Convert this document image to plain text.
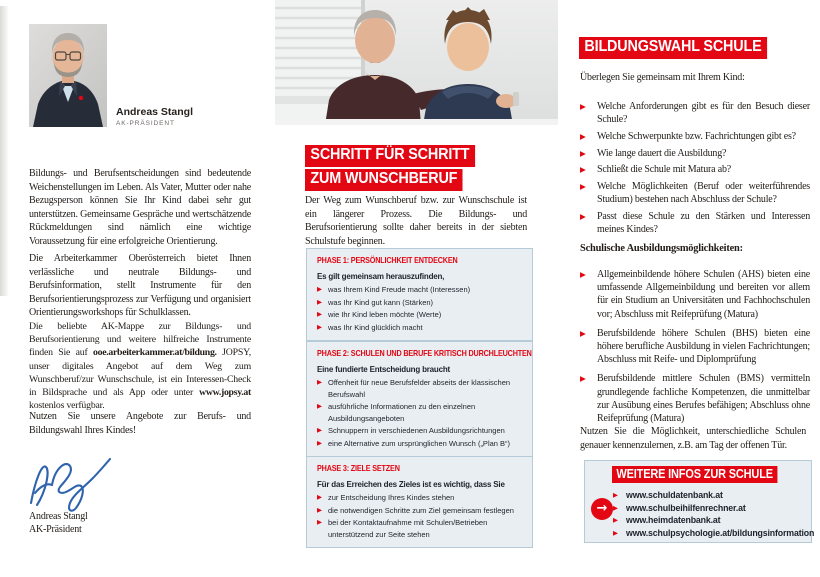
Andreas Stangl
AK-PRÄSIDENT

Bildungs- und Berufsentscheidungen sind bedeutende Weichenstellungen im Leben. Als Vater, Mutter oder nahe Bezugsperson können Sie Ihr Kind dabei sehr gut unterstützen. Gemeinsame Gespräche und wertschätzende Rückmeldungen sind nämlich eine wichtige Voraussetzung für eine erfolgreiche Orientierung.

Die Arbeiterkammer Oberösterreich bietet Ihnen verlässliche und neutrale Bildungs- und Berufsinformation, stellt Instrumente für den Berufsorientierungsprozess zur Verfügung und organisiert Orientierungsworkshops für Schulklassen.

Die beliebte AK-Mappe zur Bildungs- und Berufsorientierung und weitere hilfreiche Instrumente finden Sie auf ooe.arbeiterkammer.at/bildung. JOPSY, unser digitales Angebot auf dem Weg zum Wunschberuf/zur Wunschschule, ist ein Interessen-Check in Bildsprache und als App oder unter www.jopsy.at kostenlos verfügbar.

Nutzen Sie unsere Angebote zur Berufs- und Bildungswahl Ihres Kindes!

Andreas Stangl
AK-Präsident
SCHRITT FÜR SCHRITT
ZUM WUNSCHBERUF

Der Weg zum Wunschberuf bzw. zur Wunschschule ist ein längerer Prozess. Die Bildungs- und Berufsorientierung sollte daher bereits in der siebten Schulstufe beginnen.

PHASE 1: PERSÖNLICHKEIT ENTDECKEN
Es gilt gemeinsam herauszufinden,
▶ was Ihrem Kind Freude macht (Interessen)
▶ was Ihr Kind gut kann (Stärken)
▶ wie Ihr Kind leben möchte (Werte)
▶ was Ihr Kind glücklich macht
PHASE 2: SCHULEN UND BERUFE KRITISCH DURCHLEUCHTEN
Eine fundierte Entscheidung braucht
▶ Offenheit für neue Berufsfelder abseits der klassischen Berufswahl
▶ ausführliche Informationen zu den einzelnen Ausbildungsangeboten
▶ Schnuppern in verschiedenen Ausbildungsrichtungen
▶ eine Alternative zum ursprünglichen Wunsch („Plan B“)
PHASE 3: ZIELE SETZEN
Für das Erreichen des Zieles ist es wichtig, dass Sie
▶ zur Entscheidung Ihres Kindes stehen
▶ die notwendigen Schritte zum Ziel gemeinsam festlegen
▶ bei der Kontaktaufnahme mit Schulen/Betrieben unterstützend zur Seite stehen
BILDUNGSWAHL SCHULE

Überlegen Sie gemeinsam mit Ihrem Kind:

▶	Welche Anforderungen gibt es für den Besuch dieser Schule?
▶	Welche Schwerpunkte bzw. Fachrichtungen gibt es?
▶	Wie lange dauert die Ausbildung?
▶	Schließt die Schule mit Matura ab?
▶	Welche Möglichkeiten (Beruf oder weiterführendes Studium) bestehen nach Abschluss der Schule?
▶	Passt diese Schule zu den Stärken und Interessen meines Kindes?

Schulische Ausbildungsmöglichkeiten:

▶	Allgemeinbildende höhere Schulen (AHS) bieten eine umfassende Allgemeinbildung und bereiten vor allem für ein Studium an Universitäten und Fachhochschulen vor; Abschluss mit Reifeprüfung (Matura)
▶	Berufsbildende höhere Schulen (BHS) bieten eine höhere berufliche Ausbildung in vielen Fachrichtungen; Abschluss mit Reife- und Diplomprüfung
▶	Berufsbildende mittlere Schulen (BMS) vermitteln grundlegende fachliche Kompetenzen, die unmittelbar zur Ausübung eines Berufes befähigen; Abschluss ohne Reifeprüfung (Matura)

Nutzen Sie die Möglichkeit, unterschiedliche Schulen genauer kennenzulernen, z.B. am Tag der offenen Tür.

→
WEITERE INFOS ZUR SCHULE
▶ www.schuldatenbank.at
▶ www.schulbeihilfenrechner.at
▶ www.heimdatenbank.at
▶ www.schulpsychologie.at/bildungsinformation
